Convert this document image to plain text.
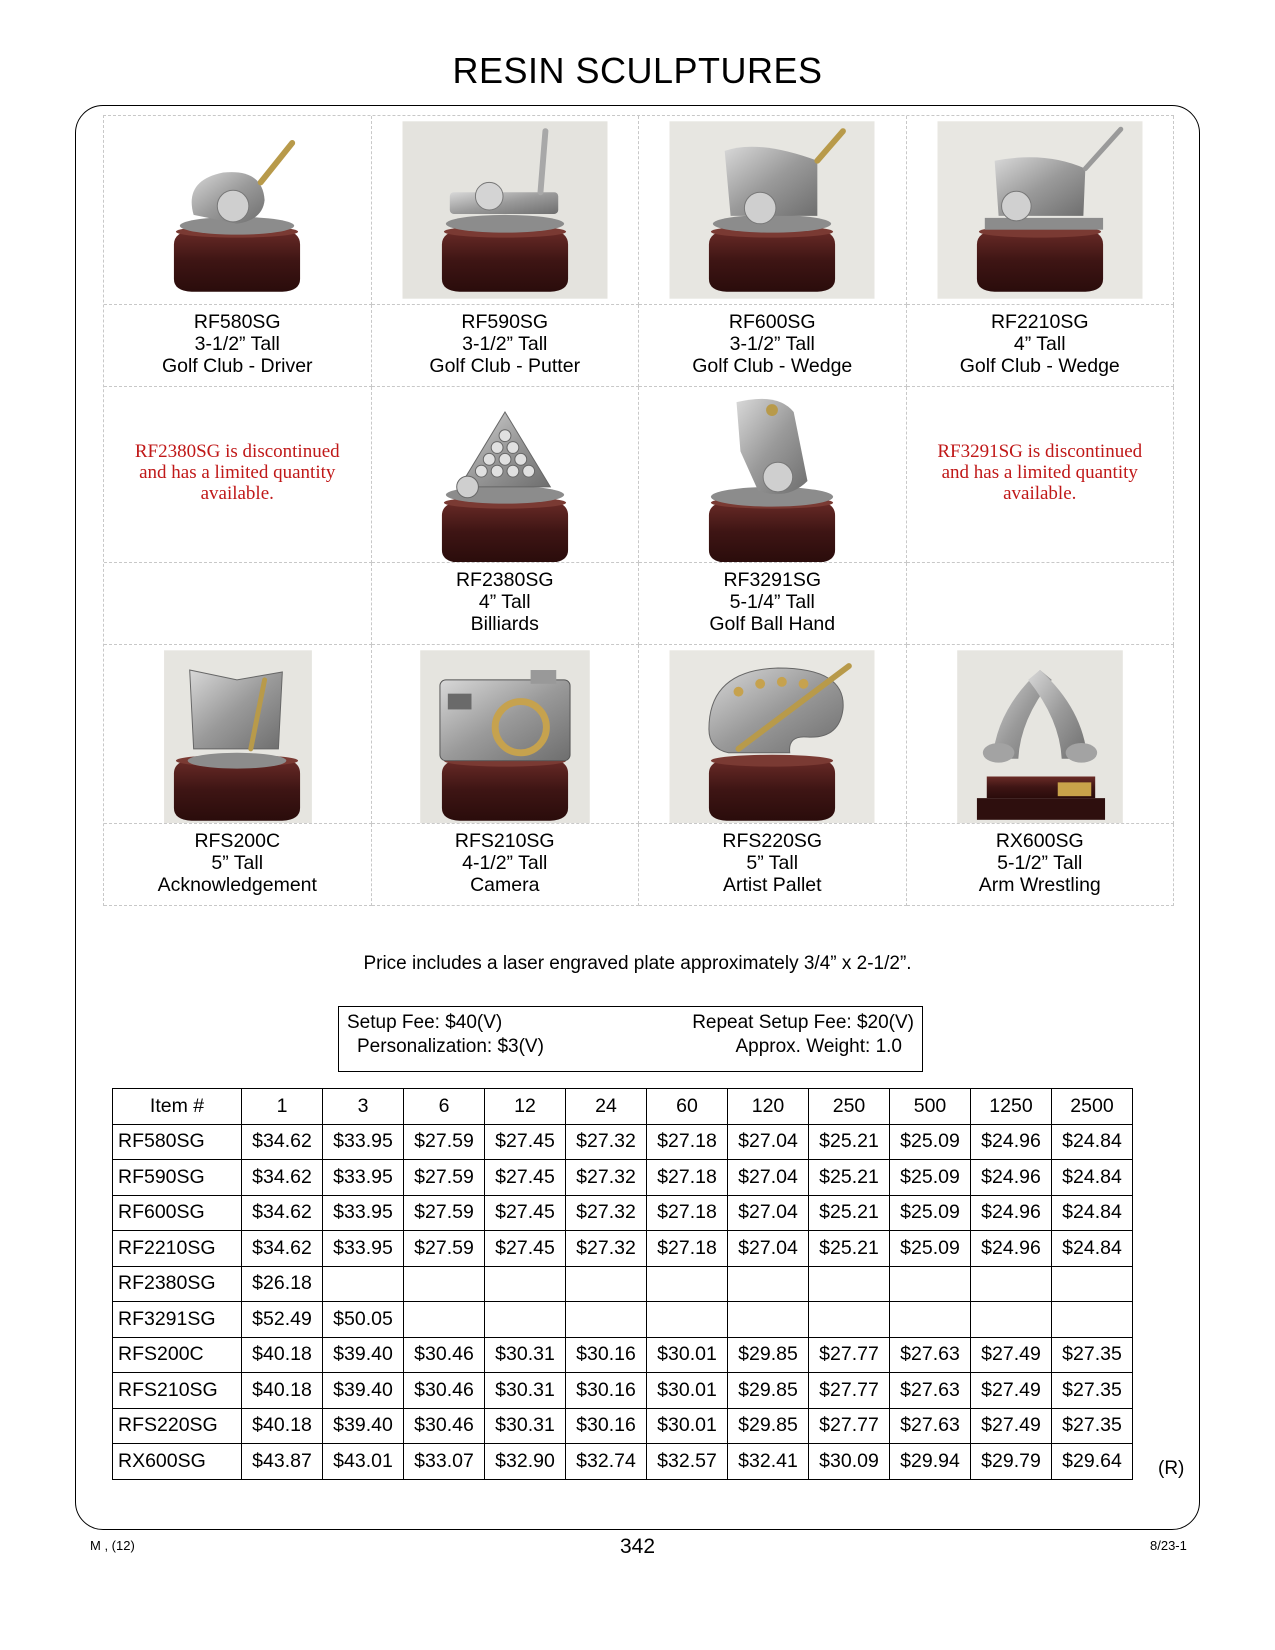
RESIN SCULPTURES
RF580SG
3-1/2” Tall
Golf Club - Driver
RF590SG
3-1/2” Tall
Golf Club - Putter
RF600SG
3-1/2” Tall
Golf Club - Wedge
RF2210SG
4” Tall
Golf Club - Wedge
RF2380SG is discontinued and has a limited quantity available.
RF3291SG is discontinued and has a limited quantity available.
RF2380SG
4” Tall
Billiards
RF3291SG
5-1/4” Tall
Golf Ball Hand
RFS200C
5” Tall
Acknowledgement
RFS210SG
4-1/2” Tall
Camera
RFS220SG
5” Tall
Artist Pallet
RX600SG
5-1/2” Tall
Arm Wrestling
Price includes a laser engraved plate approximately 3/4” x 2-1/2”.
Setup Fee: $40(V)	Repeat Setup Fee: $20(V)
Personalization: $3(V)	Approx. Weight: 1.0
Item #	1	3	6	12	24	60	120	250	500	1250	2500
RF580SG	$34.62	$33.95	$27.59	$27.45	$27.32	$27.18	$27.04	$25.21	$25.09	$24.96	$24.84
RF590SG	$34.62	$33.95	$27.59	$27.45	$27.32	$27.18	$27.04	$25.21	$25.09	$24.96	$24.84
RF600SG	$34.62	$33.95	$27.59	$27.45	$27.32	$27.18	$27.04	$25.21	$25.09	$24.96	$24.84
RF2210SG	$34.62	$33.95	$27.59	$27.45	$27.32	$27.18	$27.04	$25.21	$25.09	$24.96	$24.84
RF2380SG	$26.18										
RF3291SG	$52.49	$50.05									
RFS200C	$40.18	$39.40	$30.46	$30.31	$30.16	$30.01	$29.85	$27.77	$27.63	$27.49	$27.35
RFS210SG	$40.18	$39.40	$30.46	$30.31	$30.16	$30.01	$29.85	$27.77	$27.63	$27.49	$27.35
RFS220SG	$40.18	$39.40	$30.46	$30.31	$30.16	$30.01	$29.85	$27.77	$27.63	$27.49	$27.35
RX600SG	$43.87	$43.01	$33.07	$32.90	$32.74	$32.57	$32.41	$30.09	$29.94	$29.79	$29.64 (R)
M , (12)	342	8/23-1
